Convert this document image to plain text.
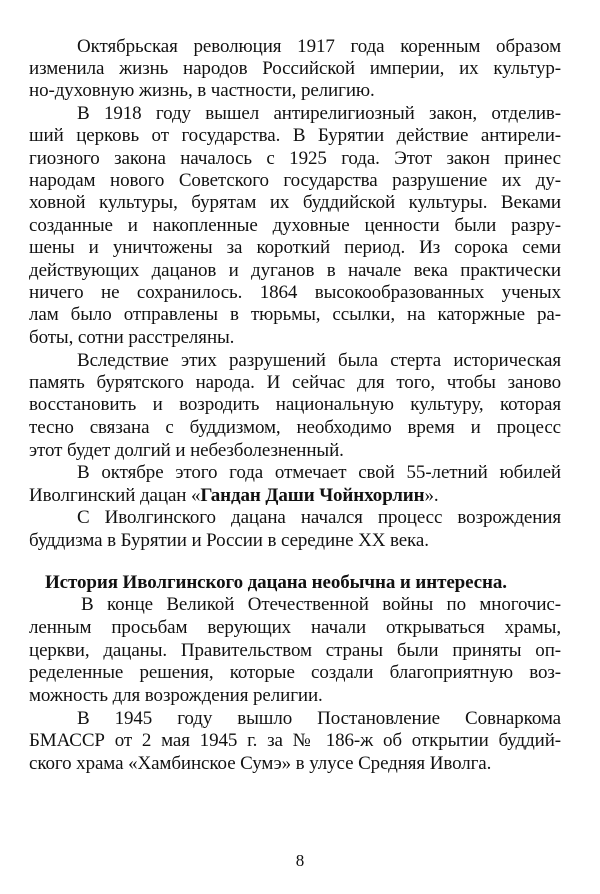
Октябрьская революция 1917 года коренным образом
изменила жизнь народов Российской империи, их культур-
но-духовную жизнь, в частности, религию.
В 1918 году вышел антирелигиозный закон, отделив-
ший церковь от государства. В Бурятии действие антирели-
гиозного закона началось с 1925 года. Этот закон принес
народам нового Советского государства разрушение их ду-
ховной культуры, бурятам их буддийской культуры. Веками
созданные и накопленные духовные ценности были разру-
шены и уничтожены за короткий период. Из сорока семи
действующих дацанов и дуганов в начале века практически
ничего не сохранилось. 1864 высокообразованных ученых
лам было отправлены в тюрьмы, ссылки, на каторжные ра-
боты, сотни расстреляны.
Вследствие этих разрушений была стерта историческая
память бурятского народа. И сейчас для того, чтобы заново
восстановить и возродить национальную культуру, которая
тесно связана с буддизмом, необходимо время и процесс
этот будет долгий и небезболезненный.
В октябре этого года отмечает свой 55-летний юбилей
Иволгинский дацан «Гандан Даши Чойнхорлин».
С Иволгинского дацана начался процесс возрождения
буддизма в Бурятии и России в середине XX века.
История Иволгинского дацана необычна и интересна.
В конце Великой Отечественной войны по многочис-
ленным просьбам верующих начали открываться храмы,
церкви, дацаны. Правительством страны были приняты оп-
ределенные решения, которые создали благоприятную воз-
можность для возрождения религии.
В 1945 году вышло Постановление Совнаркома
БМАССР от 2 мая 1945 г. за № 186-ж об открытии буддий-
ского храма «Хамбинское Сумэ» в улусе Средняя Иволга.
8
